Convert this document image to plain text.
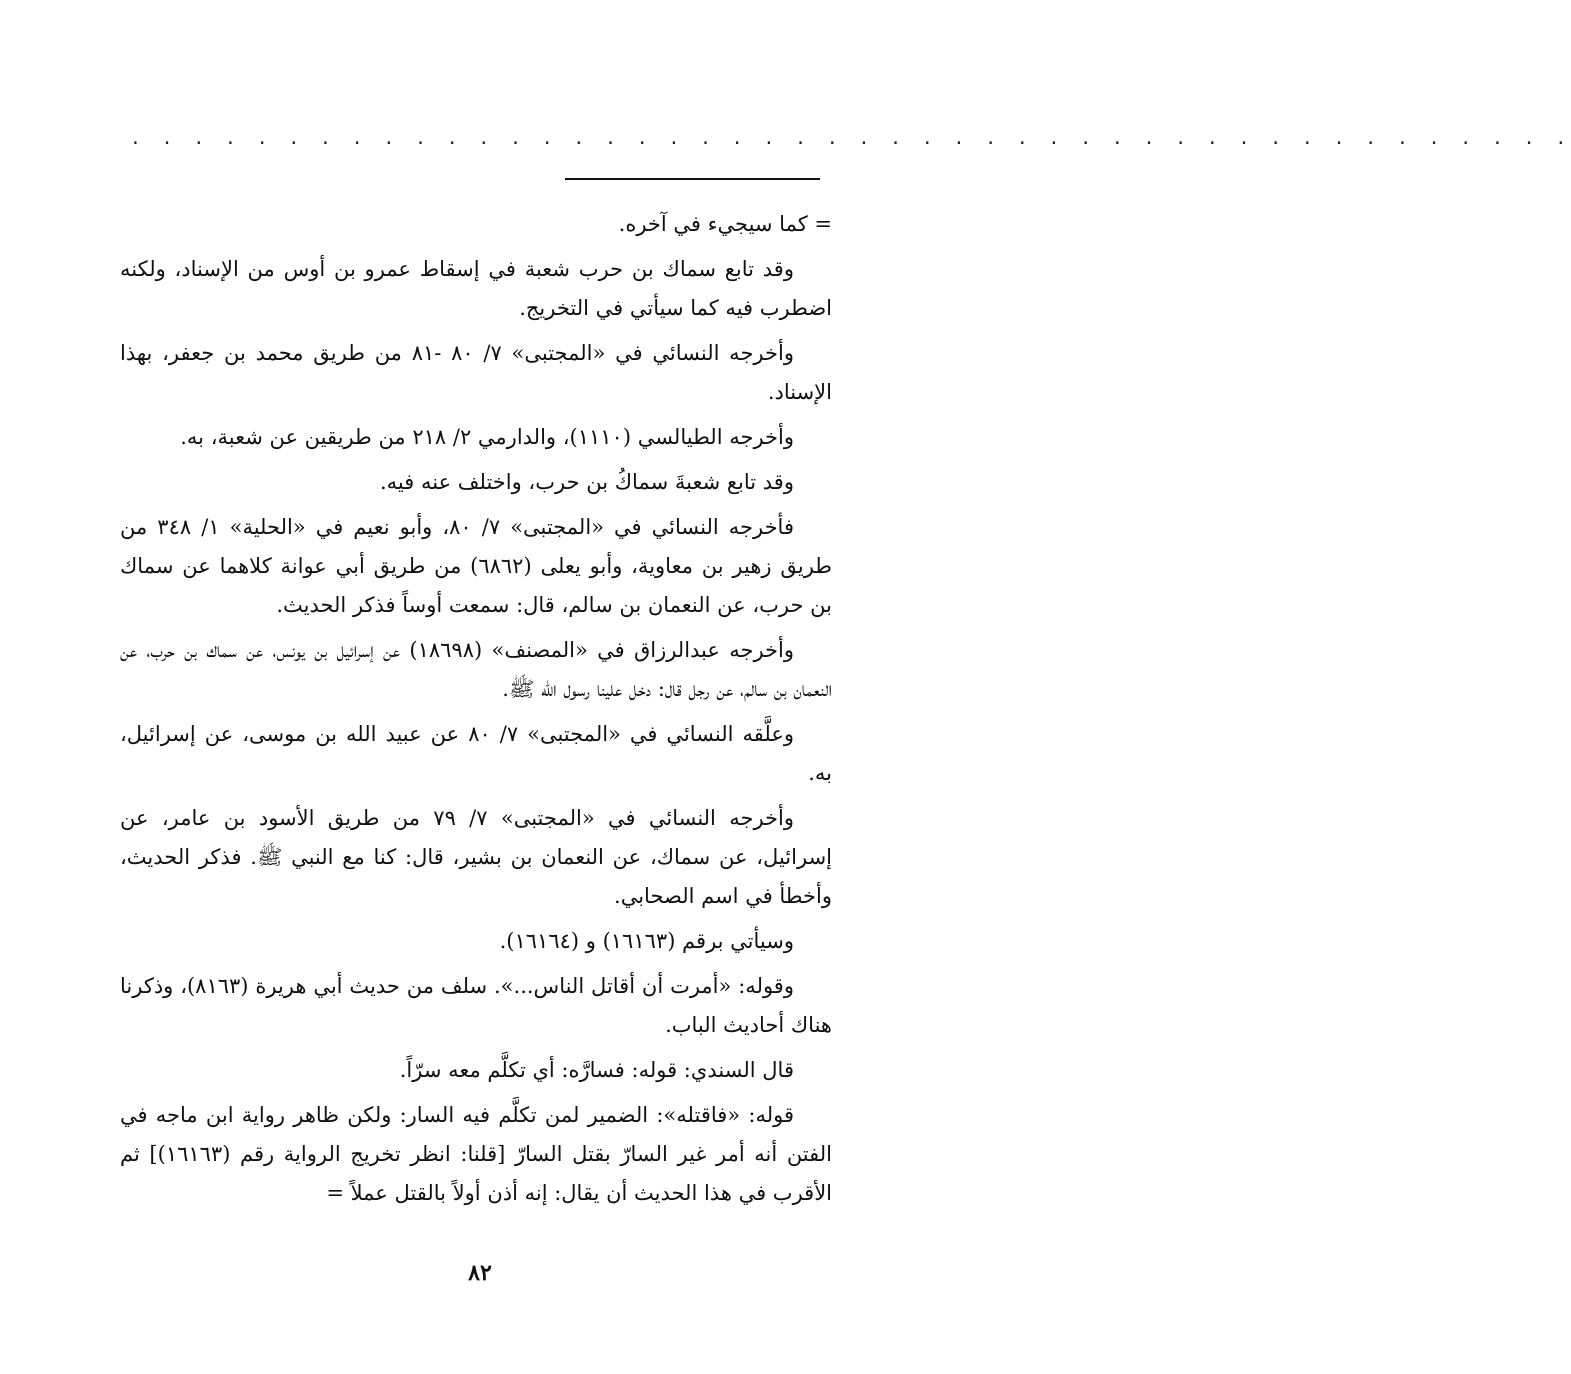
. . . . . . . . . . . . . . . . . . . . . . . . . . . . . . . . . . . . . . . . . . . . . .

= كما سيجيء في آخره.

وقد تابع سماك بن حرب شعبة في إسقاط عمرو بن أوس من الإسناد، ولكنه اضطرب فيه كما سيأتي في التخريج.

وأخرجه النسائي في «المجتبى» ٧/ ٨٠ -٨١ من طريق محمد بن جعفر، بهذا الإسناد.

وأخرجه الطيالسي (١١١٠)، والدارمي ٢/ ٢١٨ من طريقين عن شعبة، به.

وقد تابع شعبةَ سماكُ بن حرب، واختلف عنه فيه.

فأخرجه النسائي في «المجتبى» ٧/ ٨٠، وأبو نعيم في «الحلية» ١/ ٣٤٨ من طريق زهير بن معاوية، وأبو يعلى (٦٨٦٢) من طريق أبي عوانة كلاهما عن سماك بن حرب، عن النعمان بن سالم، قال: سمعت أوساً فذكر الحديث.

وأخرجه عبدالرزاق في «المصنف» (١٨٦٩٨) عن إسرائيل بن يونس، عن سماك بن حرب، عن النعمان بن سالم، عن رجل قال: دخل علينا رسول الله ﷺ.

وعلَّقه النسائي في «المجتبى» ٧/ ٨٠ عن عبيد الله بن موسى، عن إسرائيل، به.

وأخرجه النسائي في «المجتبى» ٧/ ٧٩ من طريق الأسود بن عامر، عن إسرائيل، عن سماك، عن النعمان بن بشير، قال: كنا مع النبي ﷺ. فذكر الحديث، وأخطأ في اسم الصحابي.

وسيأتي برقم (١٦١٦٣) و (١٦١٦٤).

وقوله: «أمرت أن أقاتل الناس...». سلف من حديث أبي هريرة (٨١٦٣)، وذكرنا هناك أحاديث الباب.

قال السندي: قوله: فسارَّه: أي تكلَّم معه سرّاً.

قوله: «فاقتله»: الضمير لمن تكلَّم فيه السار: ولكن ظاهر رواية ابن ماجه في الفتن أنه أمر غير السارّ بقتل السارّ [قلنا: انظر تخريج الرواية رقم (١٦١٦٣)] ثم الأقرب في هذا الحديث أن يقال: إنه أذن أولاً بالقتل عملاً =

٨٢
